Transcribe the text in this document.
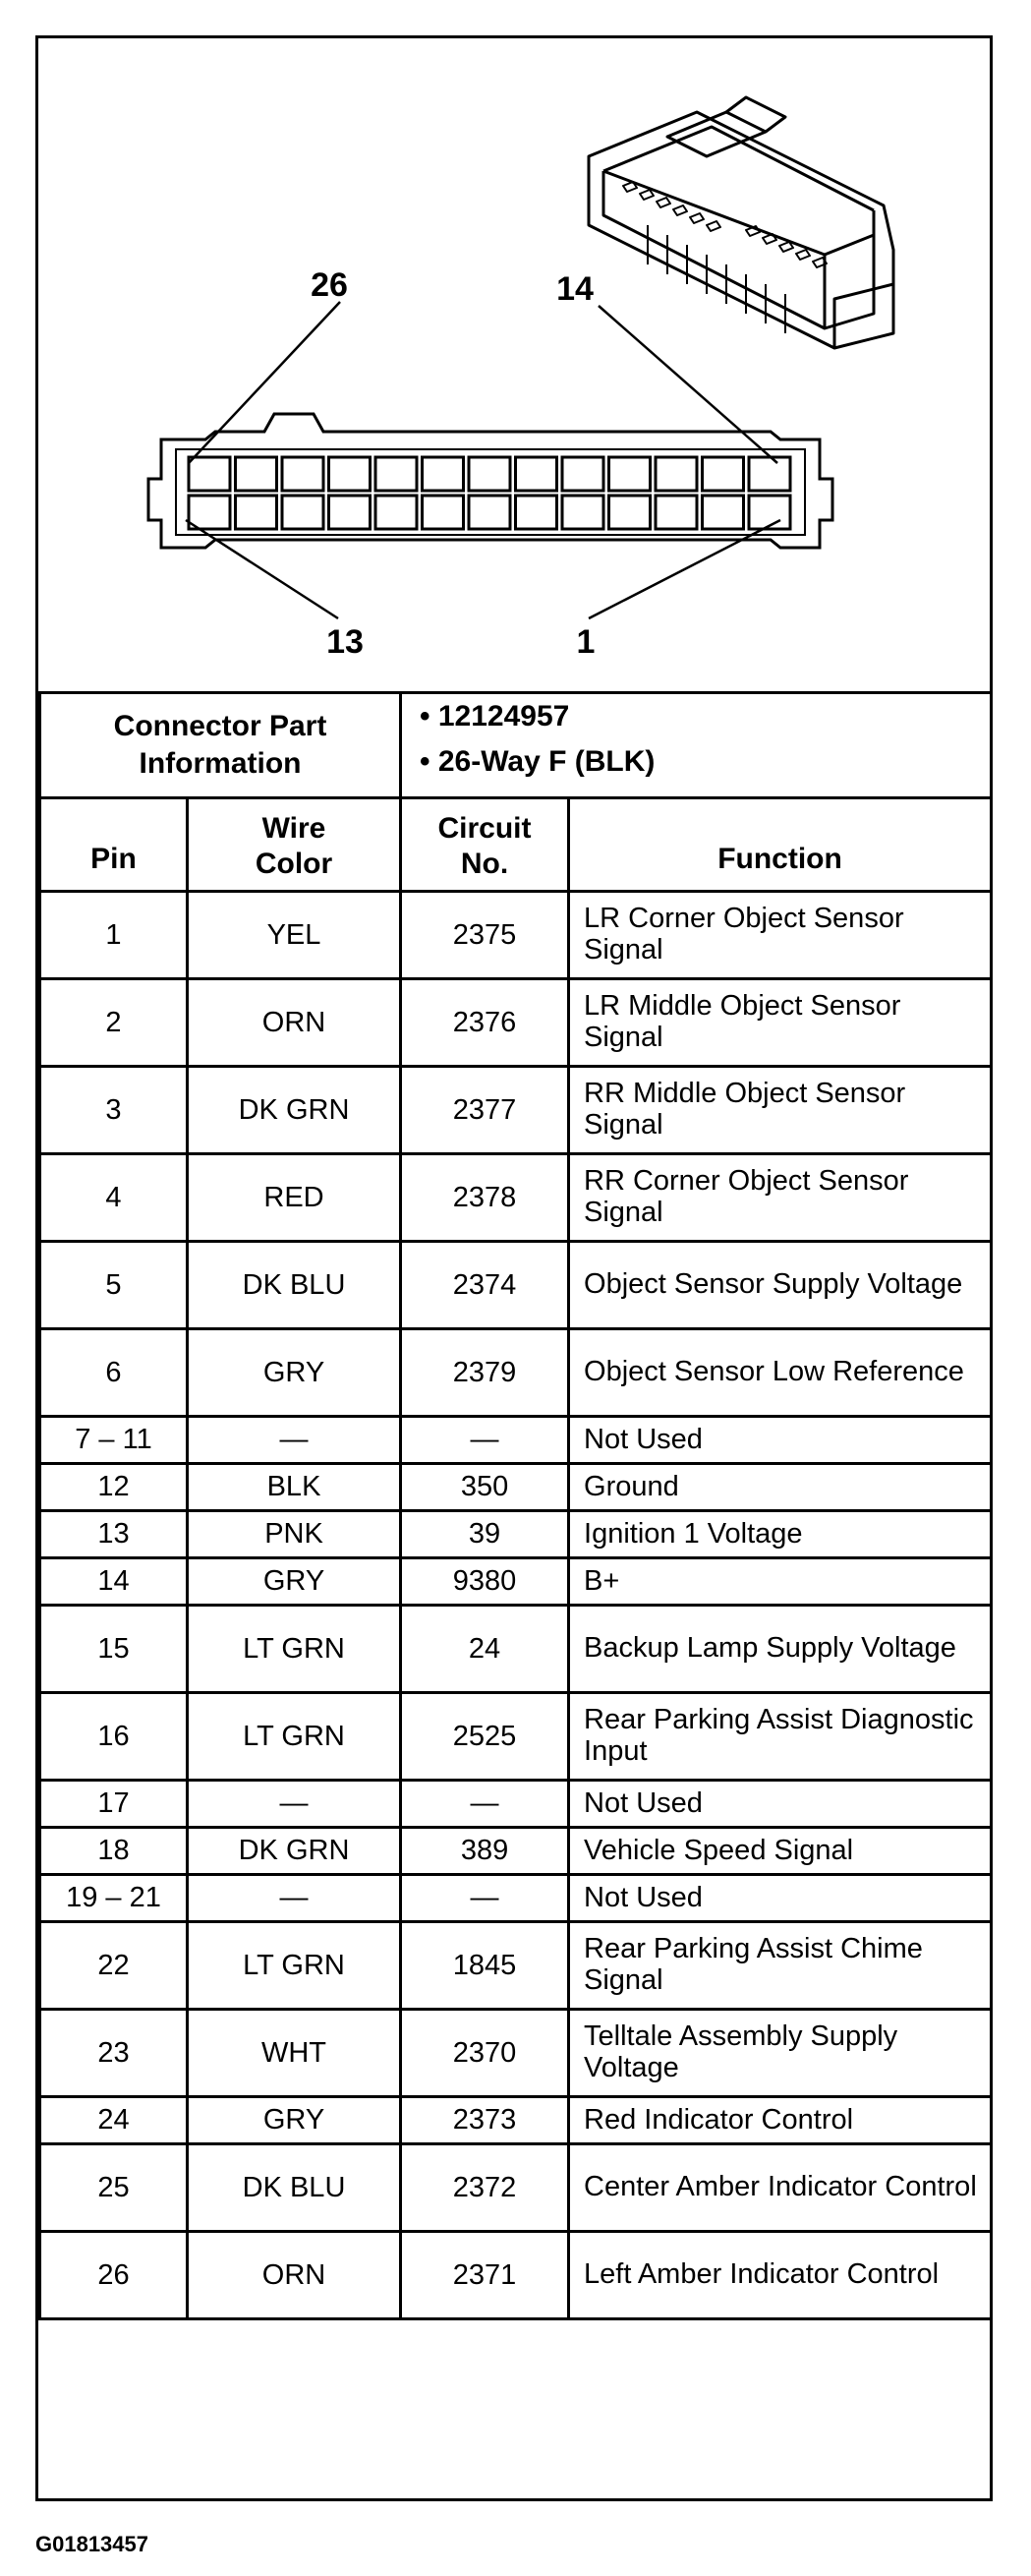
26	14
13	1
Connector Part Information		• 12124957
• 26-Way F (BLK)	

Pin	Wire Color	Circuit No.	Function
1	YEL	2375	LR Corner Object Sensor Signal
2	ORN	2376	LR Middle Object Sensor Signal
3	DK GRN	2377	RR Middle Object Sensor Signal
4	RED	2378	RR Corner Object Sensor Signal
5	DK BLU	2374	Object Sensor Supply Voltage
6	GRY	2379	Object Sensor Low Reference
7 – 11	—	—	Not Used
12	BLK	350	Ground
13	PNK	39	Ignition 1 Voltage
14	GRY	9380	B+
15	LT GRN	24	Backup Lamp Supply Voltage
16	LT GRN	2525	Rear Parking Assist Diagnostic Input
17	—	—	Not Used
18	DK GRN	389	Vehicle Speed Signal
19 – 21	—	—	Not Used
22	LT GRN	1845	Rear Parking Assist Chime Signal
23	WHT	2370	Telltale Assembly Supply Voltage
24	GRY	2373	Red Indicator Control
25	DK BLU	2372	Center Amber Indicator Control
26	ORN	2371	Left Amber Indicator Control
G01813457
